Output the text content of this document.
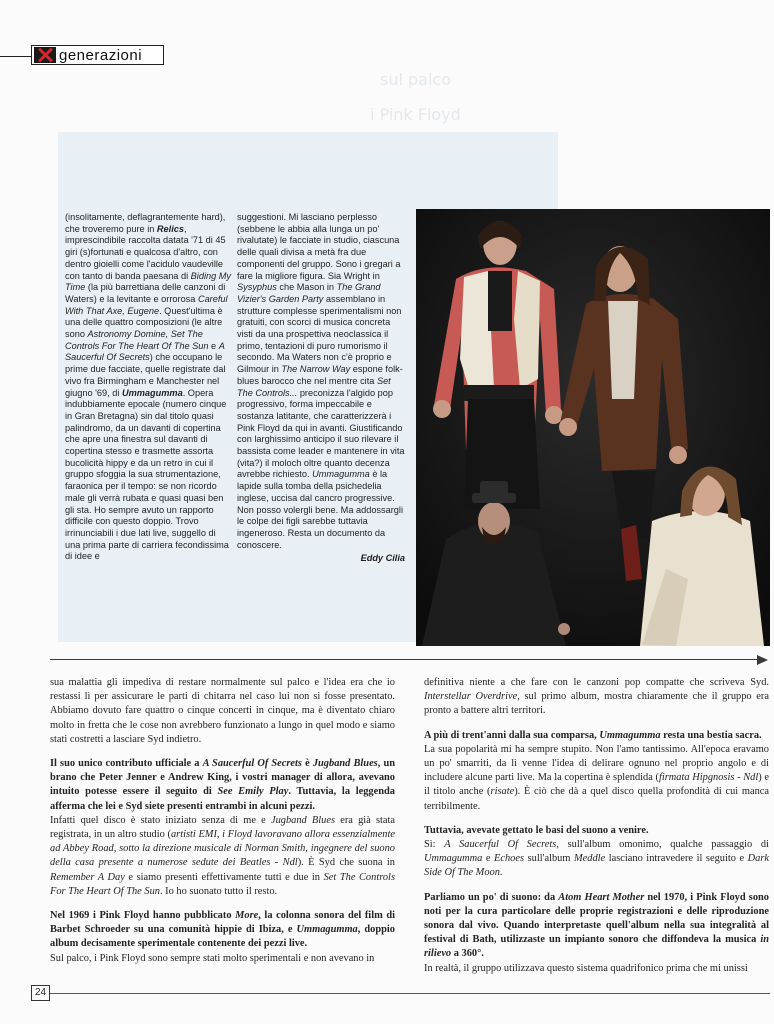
generazioni
sul palco
i Pink Floyd

(insolitamente, deflagrantemente hard), che troveremo pure in Relics, imprescindibile raccolta datata '71 di 45 giri (s)fortunati e qualcosa d'altro, con dentro gioielli come l'acidulo vaudeville con tanto di banda paesana di Biding My Time (la più barrettiana delle canzoni di Waters) e la levitante e orrorosa Careful With That Axe, Eugene. Quest'ultima è una delle quattro composizioni (le altre sono Astronomy Domine, Set The Controls For The Heart Of The Sun e A Saucerful Of Secrets) che occupano le prime due facciate, quelle registrate dal vivo fra Birmingham e Manchester nel giugno '69, di Ummagumma. Opera indubbiamente epocale (numero cinque in Gran Bretagna) sin dal titolo quasi palindromo, da un davanti di copertina che apre una finestra sul davanti di copertina stesso e trasmette assorta bucolicità hippy e da un retro in cui il gruppo sfoggia la sua strumentazione, faraonica per il tempo: se non ricordo male gli verrà rubata e quasi quasi ben gli sta. Ho sempre avuto un rapporto difficile con questo doppio. Trovo irrinunciabili i due lati live, suggello di una prima parte di carriera fecondissima di idee e

suggestioni. Mi lasciano perplesso (sebbene le abbia alla lunga un po' rivalutate) le facciate in studio, ciascuna delle quali divisa a metà fra due componenti del gruppo. Sono i gregari a fare la migliore figura. Sia Wright in Sysyphus che Mason in The Grand Vizier's Garden Party assemblano in strutture complesse sperimentalismi non gratuiti, con scorci di musica concreta visti da una prospettiva neoclassica il primo, tentazioni di puro rumorismo il secondo. Ma Waters non c'è proprio e Gilmour in The Narrow Way espone folk-blues barocco che nel mentre cita Set The Controls... preconizza l'algido pop progressivo, forma impeccabile e sostanza latitante, che caratterizzerà i Pink Floyd da qui in avanti. Giustificando con larghissimo anticipo il suo rilevare il bassista come leader e mantenere in vita (vita?) il moloch oltre quanto decenza avrebbe richiesto. Ummagumma è la lapide sulla tomba della psichedelia inglese, uccisa dal cancro progressive. Non posso volergli bene. Ma addossargli le colpe dei figli sarebbe tuttavia ingeneroso. Resta un documento da conoscere.

Eddy Cilia

sua malattia gli impediva di restare normalmente sul palco e l'idea era che io restassi lì per assicurare le parti di chitarra nel caso lui non si fosse presentato. Abbiamo dovuto fare quattro o cinque concerti in cinque, ma è diventato chiaro molto in fretta che le cose non avrebbero funzionato a lungo in quel modo e siamo stati costretti a lasciare Syd indietro.

Il suo unico contributo ufficiale a A Saucerful Of Secrets è Jugband Blues, un brano che Peter Jenner e Andrew King, i vostri manager di allora, avevano intuito potesse essere il seguito di See Emily Play. Tuttavia, la leggenda afferma che lei e Syd siete presenti entrambi in alcuni pezzi.

Infatti quel disco è stato iniziato senza di me e Jugband Blues era già stata registrata, in un altro studio (artisti EMI, i Floyd lavoravano allora essenzialmente ad Abbey Road, sotto la direzione musicale di Norman Smith, ingegnere del suono della casa presente a numerose sedute dei Beatles - Ndl). È Syd che suona in Remember A Day e siamo presenti effettivamente tutti e due in Set The Controls For The Heart Of The Sun. Io ho suonato tutto il resto.

Nel 1969 i Pink Floyd hanno pubblicato More, la colonna sonora del film di Barbet Schroeder su una comunità hippie di Ibiza, e Ummagumma, doppio album decisamente sperimentale contenente dei pezzi live.

Sul palco, i Pink Floyd sono sempre stati molto sperimentali e non avevano in

definitiva niente a che fare con le canzoni pop compatte che scriveva Syd. Interstellar Overdrive, sul primo album, mostra chiaramente che il gruppo era pronto a battere altri territori.

A più di trent'anni dalla sua comparsa, Ummagumma resta una bestia sacra.

La sua popolarità mi ha sempre stupito. Non l'amo tantissimo. All'epoca eravamo un po' smarriti, da lì venne l'idea di delirare ognuno nel proprio angolo e di includere alcune parti live. Ma la copertina è splendida (firmata Hipgnosis - Ndl) e il titolo anche (risate). È ciò che dà a quel disco quella profondità di cui manca terribilmente.

Tuttavia, avevate gettato le basi del suono a venire.

Sì: A Saucerful Of Secrets, sull'album omonimo, qualche passaggio di Ummagumma e Echoes sull'album Meddle lasciano intravedere il seguito e Dark Side Of The Moon.

Parliamo un po' di suono: da Atom Heart Mother nel 1970, i Pink Floyd sono noti per la cura particolare delle proprie registrazioni e delle riproduzione sonora dal vivo. Quando interpretaste quell'album nella sua integralità al festival di Bath, utilizzaste un impianto sonoro che diffondeva la musica in rilievo a 360°.

In realtà, il gruppo utilizzava questo sistema quadrifonico prima che mi unissi

24
